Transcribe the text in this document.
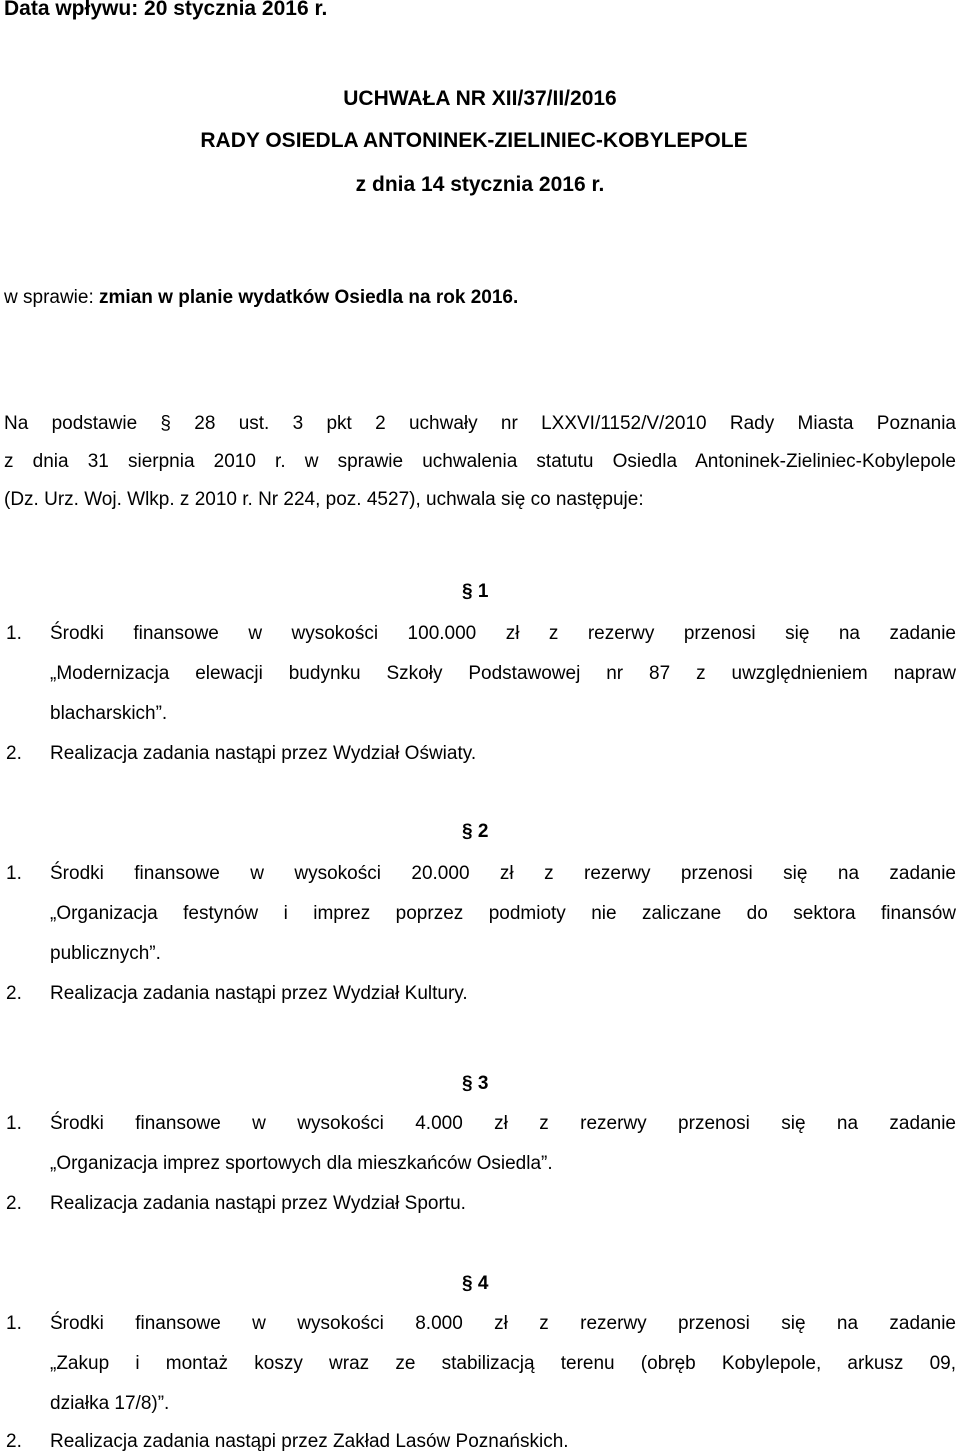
Data wpływu: 20 stycznia 2016 r.
UCHWAŁA NR XII/37/II/2016
RADY OSIEDLA ANTONINEK-ZIELINIEC-KOBYLEPOLE
z dnia 14 stycznia 2016 r.
w sprawie: zmian w planie wydatków Osiedla na rok 2016.
Na podstawie § 28 ust. 3 pkt 2 uchwały nr LXXVI/1152/V/2010 Rady Miasta Poznania
z dnia 31 sierpnia 2010 r. w sprawie uchwalenia statutu Osiedla Antoninek-Zieliniec-Kobylepole
(Dz. Urz. Woj. Wlkp. z 2010 r. Nr 224, poz. 4527), uchwala się co następuje:
§ 1
1. Środki finansowe w wysokości 100.000 zł z rezerwy przenosi się na zadanie
„Modernizacja elewacji budynku Szkoły Podstawowej nr 87 z uwzględnieniem napraw
blacharskich”.
2. Realizacja zadania nastąpi przez Wydział Oświaty.
§ 2
1. Środki finansowe w wysokości 20.000 zł z rezerwy przenosi się na zadanie
„Organizacja festynów i imprez poprzez podmioty nie zaliczane do sektora finansów
publicznych”.
2. Realizacja zadania nastąpi przez Wydział Kultury.
§ 3
1. Środki finansowe w wysokości 4.000 zł z rezerwy przenosi się na zadanie
„Organizacja imprez sportowych dla mieszkańców Osiedla”.
2. Realizacja zadania nastąpi przez Wydział Sportu.
§ 4
1. Środki finansowe w wysokości 8.000 zł z rezerwy przenosi się na zadanie
„Zakup i montaż koszy wraz ze stabilizacją terenu (obręb Kobylepole, arkusz 09,
działka 17/8)”.
2. Realizacja zadania nastąpi przez Zakład Lasów Poznańskich.
